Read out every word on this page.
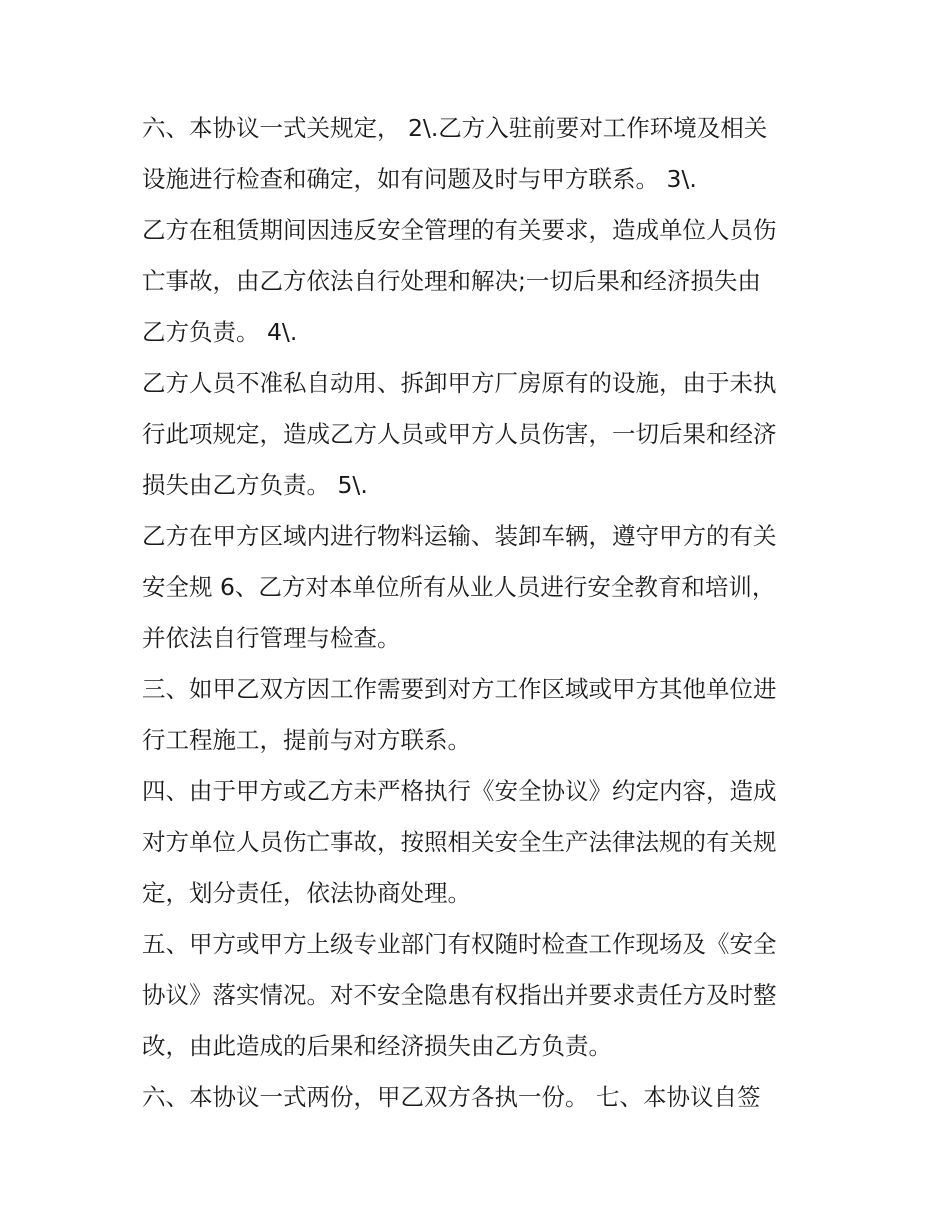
六、本协议一式关规定， 2\.乙方入驻前要对工作环境及相关
设施进行检查和确定，如有问题及时与甲方联系。 3\.
乙方在租赁期间因违反安全管理的有关要求，造成单位人员伤
亡事故，由乙方依法自行处理和解决;一切后果和经济损失由
乙方负责。 4\.
乙方人员不准私自动用、拆卸甲方厂房原有的设施，由于未执
行此项规定，造成乙方人员或甲方人员伤害，一切后果和经济
损失由乙方负责。 5\.
乙方在甲方区域内进行物料运输、装卸车辆，遵守甲方的有关
安全规 6、乙方对本单位所有从业人员进行安全教育和培训，
并依法自行管理与检查。
三、如甲乙双方因工作需要到对方工作区域或甲方其他单位进
行工程施工，提前与对方联系。
四、由于甲方或乙方未严格执行《安全协议》约定内容，造成
对方单位人员伤亡事故，按照相关安全生产法律法规的有关规
定，划分责任，依法协商处理。
五、甲方或甲方上级专业部门有权随时检查工作现场及《安全
协议》落实情况。对不安全隐患有权指出并要求责任方及时整
改，由此造成的后果和经济损失由乙方负责。
六、本协议一式两份，甲乙双方各执一份。 七、本协议自签
